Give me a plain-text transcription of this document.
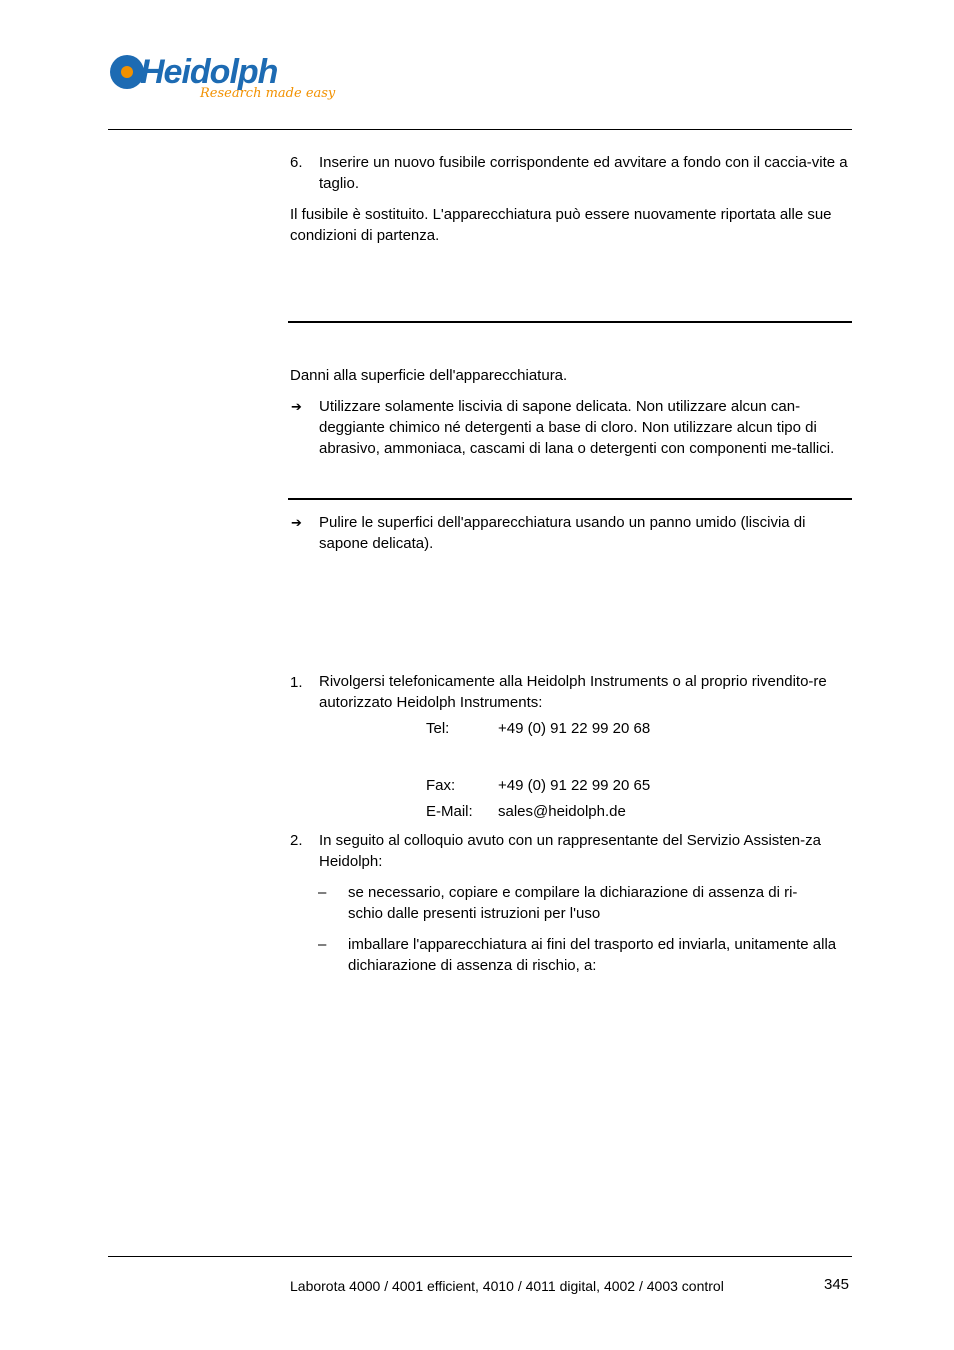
Heidolph
Research made easy
6. Inserire un nuovo fusibile corrispondente ed avvitare a fondo con il caccia-vite a taglio.
Il fusibile è sostituito. L'apparecchiatura può essere nuovamente riportata alle sue condizioni di partenza.
Danni alla superficie dell'apparecchiatura.
➔ Utilizzare solamente liscivia di sapone delicata. Non utilizzare alcun can-deggiante chimico né detergenti a base di cloro. Non utilizzare alcun tipo di abrasivo, ammoniaca, cascami di lana o detergenti con componenti me-tallici.
➔ Pulire le superfici dell'apparecchiatura usando un panno umido (liscivia di sapone delicata).
1. Rivolgersi telefonicamente alla Heidolph Instruments o al proprio rivendito-re autorizzato Heidolph Instruments:
Tel:	+49 (0) 91 22 99 20 68
Fax:	+49 (0) 91 22 99 20 65
E-Mail: sales@heidolph.de
2. In seguito al colloquio avuto con un rappresentante del Servizio Assisten-za Heidolph:
– se necessario, copiare e compilare la dichiarazione di assenza di ri-schio dalle presenti istruzioni per l'uso
– imballare l'apparecchiatura ai fini del trasporto ed inviarla, unitamente alla dichiarazione di assenza di rischio, a:
Laborota 4000 / 4001 efficient, 4010 / 4011 digital, 4002 / 4003 control	345
